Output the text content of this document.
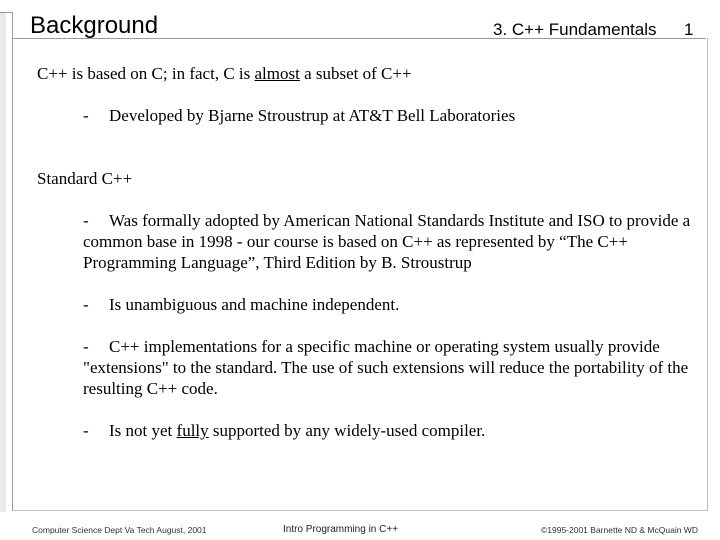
Background	3. C++ Fundamentals 1
C++ is based on C; in fact, C is almost a subset of C++
- Developed by Bjarne Stroustrup at AT&T Bell Laboratories
Standard C++
- Was formally adopted by American National Standards Institute and ISO to provide a common base in 1998 - our course is based on C++ as represented by “The C++ Programming Language”, Third Edition by B. Stroustrup
- Is unambiguous and machine independent.
- C++ implementations for a specific machine or operating system usually provide "extensions" to the standard. The use of such extensions will reduce the portability of the resulting C++ code.
- Is not yet fully supported by any widely-used compiler.
Computer Science Dept Va Tech August, 2001	Intro Programming in C++	©1995-2001 Barnette ND & McQuain WD
